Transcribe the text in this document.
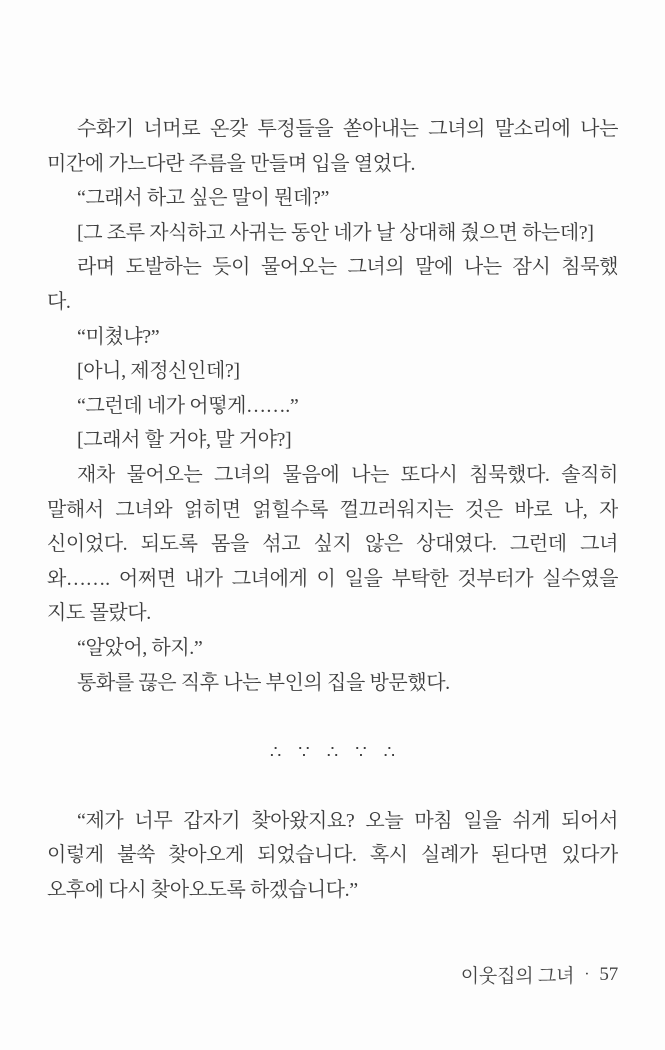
수화기 너머로 온갖 투정들을 쏟아내는 그녀의 말소리에 나는
미간에 가느다란 주름을 만들며 입을 열었다.
“그래서 하고 싶은 말이 뭔데?”
[그 조루 자식하고 사귀는 동안 네가 날 상대해 줬으면 하는데?]
라며 도발하는 듯이 물어오는 그녀의 말에 나는 잠시 침묵했
다.
“미쳤냐?”
[아니, 제정신인데?]
“그런데 네가 어떻게…….”
[그래서 할 거야, 말 거야?]
재차 물어오는 그녀의 물음에 나는 또다시 침묵했다. 솔직히
말해서 그녀와 얽히면 얽힐수록 껄끄러워지는 것은 바로 나, 자
신이었다. 되도록 몸을 섞고 싶지 않은 상대였다. 그런데 그녀
와……. 어쩌면 내가 그녀에게 이 일을 부탁한 것부터가 실수였을
지도 몰랐다.
“알았어, 하지.”
통화를 끊은 직후 나는 부인의 집을 방문했다.
∴∵∴∵∴
“제가 너무 갑자기 찾아왔지요? 오늘 마침 일을 쉬게 되어서
이렇게 불쑥 찾아오게 되었습니다. 혹시 실례가 된다면 있다가
오후에 다시 찾아오도록 하겠습니다.”
이웃집의 그녀 · 57
